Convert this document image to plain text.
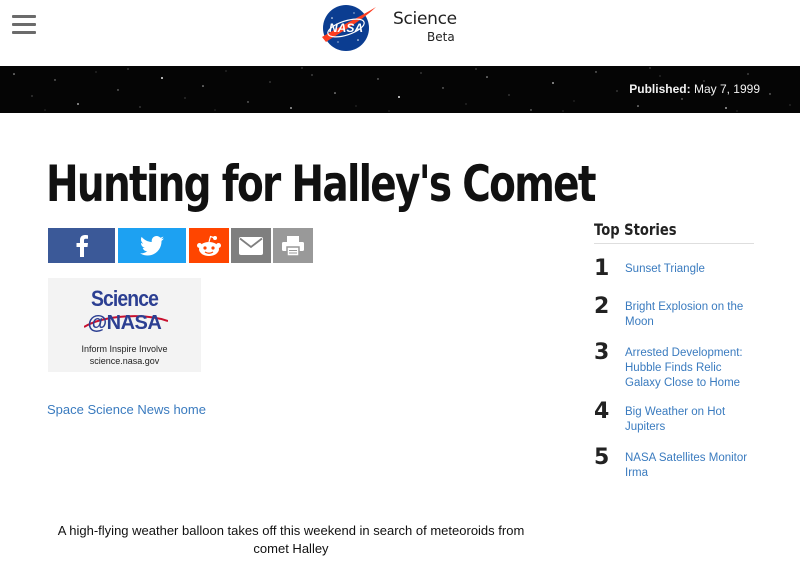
NASA Science
Beta
Published: May 7, 1999
Hunting for Halley's Comet
Science
@NASA
Inform Inspire Involve
science.nasa.gov
Space Science News home

A high-flying weather balloon takes off this weekend in search of meteoroids from comet Halley

Top Stories
1 Sunset Triangle
2 Bright Explosion on the Moon
3 Arrested Development: Hubble Finds Relic Galaxy Close to Home
4 Big Weather on Hot Jupiters
5 NASA Satellites Monitor Irma
